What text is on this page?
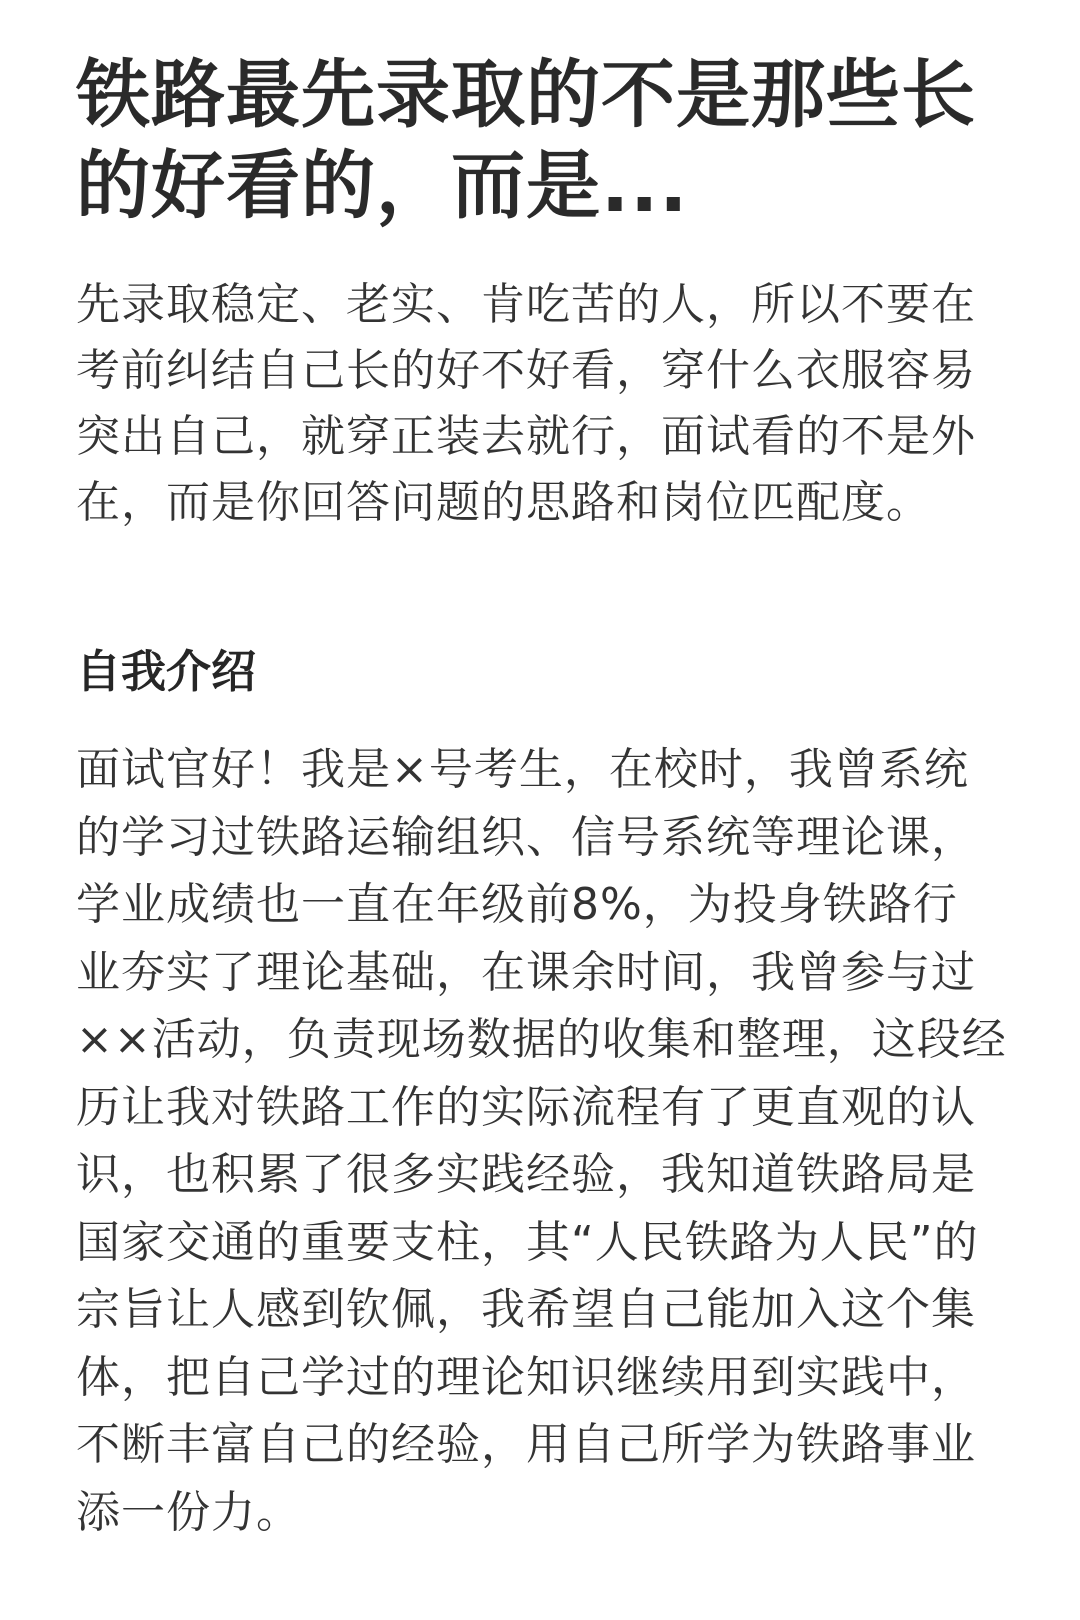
铁路最先录取的不是那些长
的好看的，而是...
先录取稳定、老实、肯吃苦的人，所以不要在
考前纠结自己长的好不好看，穿什么衣服容易
突出自己，就穿正装去就行，面试看的不是外
在，而是你回答问题的思路和岗位匹配度。
自我介绍
面试官好！我是×号考生，在校时，我曾系统
的学习过铁路运输组织、信号系统等理论课，
学业成绩也一直在年级前8%，为投身铁路行
业夯实了理论基础，在课余时间，我曾参与过
××活动，负责现场数据的收集和整理，这段经
历让我对铁路工作的实际流程有了更直观的认
识，也积累了很多实践经验，我知道铁路局是
国家交通的重要支柱，其“人民铁路为人民”的
宗旨让人感到钦佩，我希望自己能加入这个集
体，把自己学过的理论知识继续用到实践中，
不断丰富自己的经验，用自己所学为铁路事业
添一份力。
